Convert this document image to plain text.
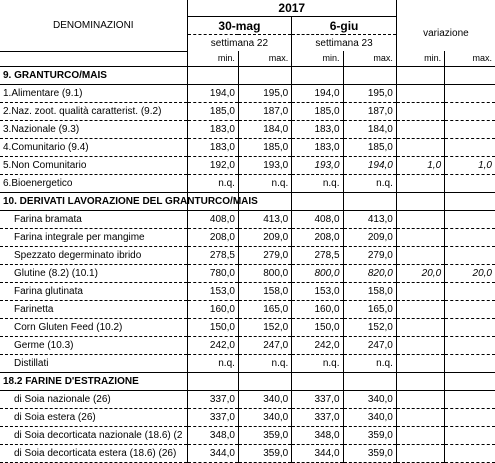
DENOMINAZIONI	2017					
	30-mag		6-giu		variazione	
	settimana 22		settimana 23			
	min.	max.	min.	max.	min.	max.
9. GRANTURCO/MAIS						
1.Alimentare (9.1)	194,0	195,0	194,0	195,0		
2.Naz. zoot. qualità caratterist. (9.2)	185,0	187,0	185,0	187,0		
3.Nazionale (9.3)	183,0	184,0	183,0	184,0		
4.Comunitario (9.4)	183,0	185,0	183,0	185,0		
5.Non Comunitario	192,0	193,0	193,0	194,0	1,0	1,0
6.Bioenergetico	n.q.	n.q.	n.q.	n.q.		
10. DERIVATI LAVORAZIONE DEL GRANTURCO/MAIS						
Farina bramata	408,0	413,0	408,0	413,0		
Farina integrale per mangime	208,0	209,0	208,0	209,0		
Spezzato degerminato ibrido	278,5	279,0	278,5	279,0		
Glutine (8.2) (10.1)	780,0	800,0	800,0	820,0	20,0	20,0
Farina glutinata	153,0	158,0	153,0	158,0		
Farinetta	160,0	165,0	160,0	165,0		
Corn Gluten Feed (10.2)	150,0	152,0	150,0	152,0		
Germe (10.3)	242,0	247,0	242,0	247,0		
Distillati	n.q.	n.q.	n.q.	n.q.		
18.2 FARINE D'ESTRAZIONE						
di Soia nazionale (26)	337,0	340,0	337,0	340,0		
di Soia estera (26)	337,0	340,0	337,0	340,0		
di Soia decorticata nazionale (18.6) (2	348,0	359,0	348,0	359,0		
di Soia decorticata estera (18.6) (26)	344,0	359,0	344,0	359,0		
